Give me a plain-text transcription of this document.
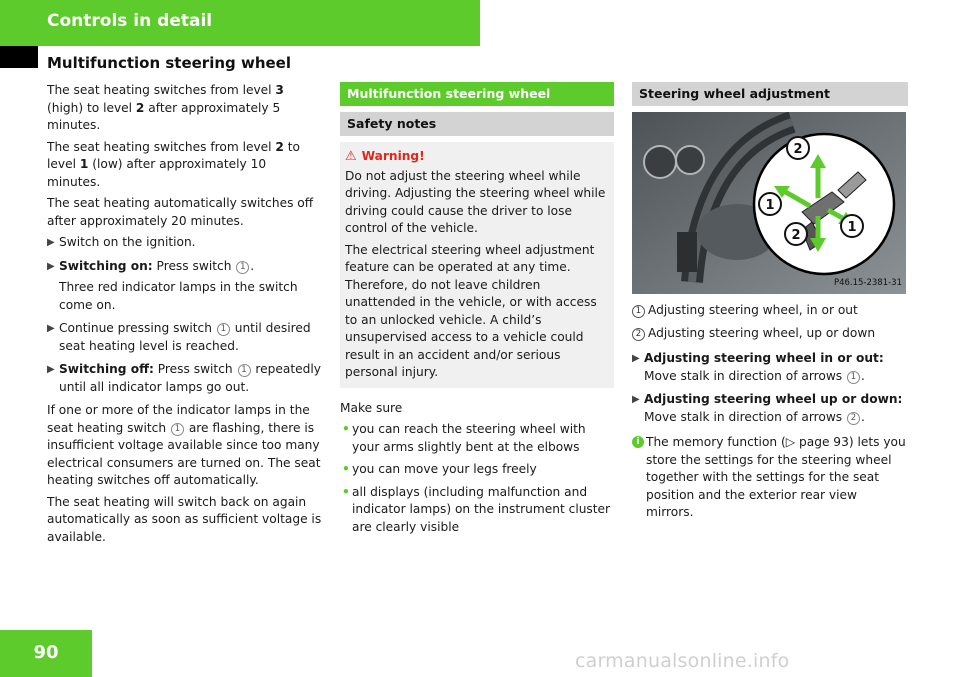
Controls in detail
Multifunction steering wheel

The seat heating switches from level 3 (high) to level 2 after approximately 5 minutes.

The seat heating switches from level 2 to level 1 (low) after approximately 10 minutes.

The seat heating automatically switches off after approximately 20 minutes.

▶ Switch on the ignition.
▶ Switching on: Press switch 1 .
Three red indicator lamps in the switch come on.
▶ Continue pressing switch 1 until desired seat heating level is reached.
▶ Switching off: Press switch 1 repeatedly until all indicator lamps go out.

If one or more of the indicator lamps in the seat heating switch 1 are flashing, there is insufficient voltage available since too many electrical consumers are turned on. The seat heating switches off automatically.

The seat heating will switch back on again automatically as soon as sufficient voltage is available.

Multifunction steering wheel
Safety notes
⚠ Warning!

Do not adjust the steering wheel while driving. Adjusting the steering wheel while driving could cause the driver to lose control of the vehicle.

The electrical steering wheel adjustment feature can be operated at any time. Therefore, do not leave children unattended in the vehicle, or with access to an unlocked vehicle. A child’s unsupervised access to a vehicle could result in an accident and/or serious personal injury.

Make sure

• you can reach the steering wheel with your arms slightly bent at the elbows
• you can move your legs freely
• all displays (including malfunction and indicator lamps) on the instrument cluster are clearly visible
Steering wheel adjustment
2
1
1
2
P46.15-2381-31
1 Adjusting steering wheel, in or out
2 Adjusting steering wheel, up or down
▶ Adjusting steering wheel in or out: Move stalk in direction of arrows 1 .
▶ Adjusting steering wheel up or down:
Move stalk in direction of arrows 2 .
i The memory function (▷ page 93) lets you store the settings for the steering wheel together with the settings for the seat position and the exterior rear view mirrors.
90	carmanualsonline.info
